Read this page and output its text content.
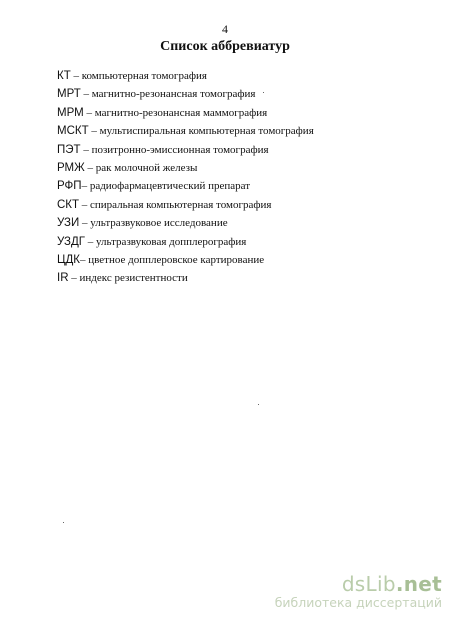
4
Список аббревиатур
КТ – компьютерная томография
МРТ – магнитно-резонансная томография
МРМ – магнитно-резонансная маммография
МСКТ – мультиспиральная компьютерная томография
ПЭТ – позитронно-эмиссионная томография
РМЖ – рак молочной железы
РФП– радиофармацевтический препарат
СКТ – спиральная компьютерная томография
УЗИ – ультразвуковое исследование
УЗДГ – ультразвуковая допплерография
ЦДК– цветное допплеровское картирование
IR – индекс резистентности
dsLib.net
библиотека диссертаций
